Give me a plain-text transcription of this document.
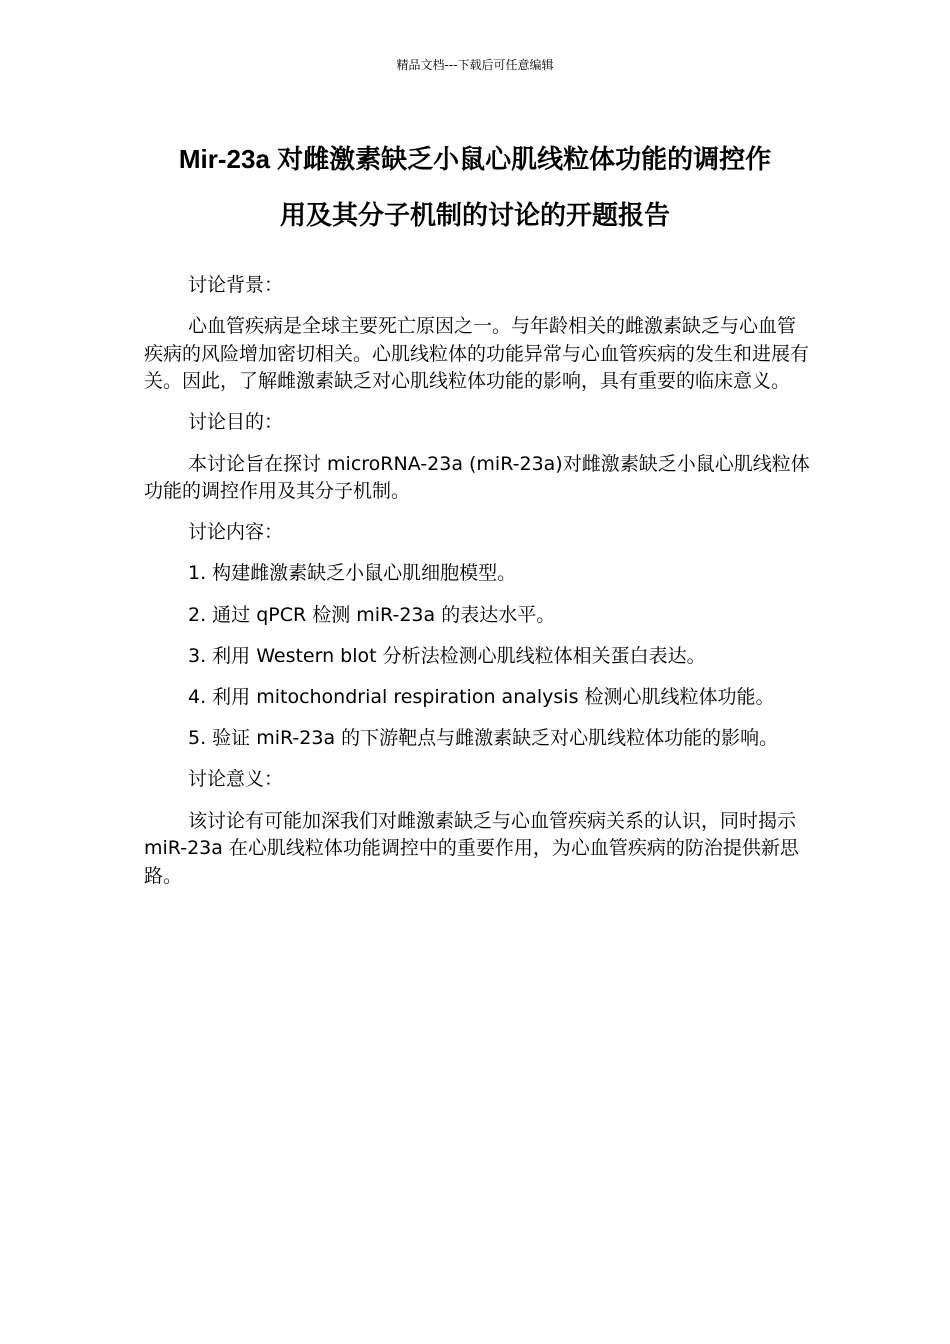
精品文档---下载后可任意编辑
Mir-23a 对雌激素缺乏小鼠心肌线粒体功能的调控作
用及其分子机制的讨论的开题报告

讨论背景：

心血管疾病是全球主要死亡原因之一。与年龄相关的雌激素缺乏与心血管疾病的风险增加密切相关。心肌线粒体的功能异常与心血管疾病的发生和进展有关。因此，了解雌激素缺乏对心肌线粒体功能的影响，具有重要的临床意义。

讨论目的：

本讨论旨在探讨 microRNA-23a (miR-23a)对雌激素缺乏小鼠心肌线粒体功能的调控作用及其分子机制。

讨论内容：

1. 构建雌激素缺乏小鼠心肌细胞模型。

2. 通过 qPCR 检测 miR-23a 的表达水平。

3. 利用 Western blot 分析法检测心肌线粒体相关蛋白表达。

4. 利用 mitochondrial respiration analysis 检测心肌线粒体功能。

5. 验证 miR-23a 的下游靶点与雌激素缺乏对心肌线粒体功能的影响。

讨论意义：

该讨论有可能加深我们对雌激素缺乏与心血管疾病关系的认识，同时揭示 miR-23a 在心肌线粒体功能调控中的重要作用，为心血管疾病的防治提供新思路。
